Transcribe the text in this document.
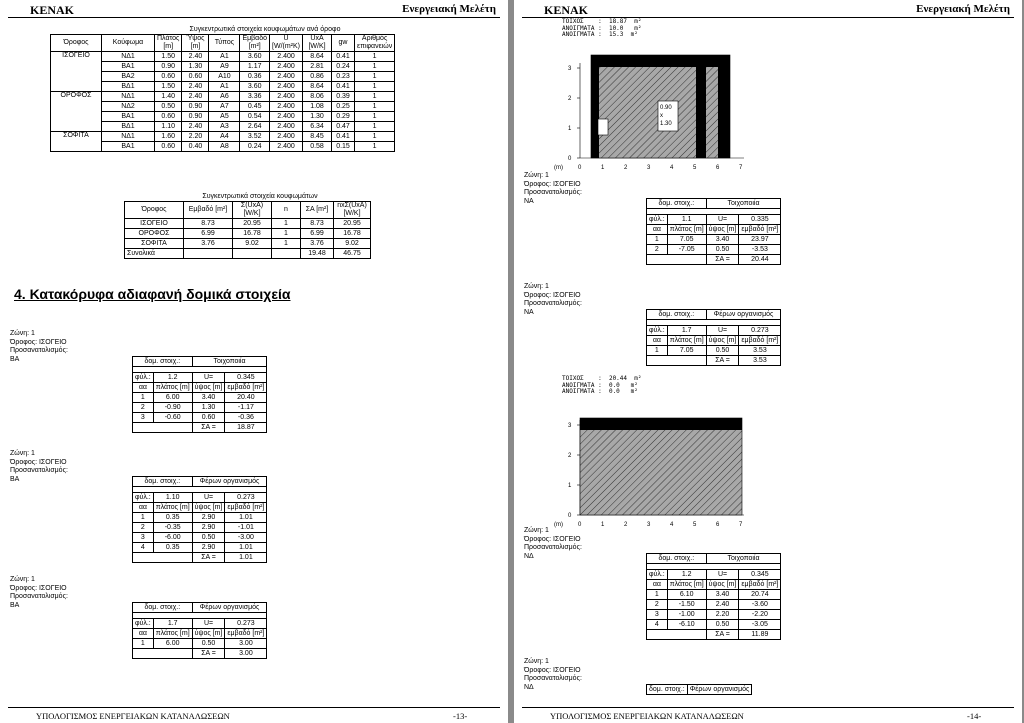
KENAK	Ενεργειακή Μελέτη
Συγκεντρωτικά στοιχεία κουφωμάτων ανά όροφο
Όροφος	Κούφωμα	Πλάτος [m]	Ύψος [m]	Τύπος	Εμβαδό [m²]	U [W/(m²K)	UxA [W/K]	gw	Αριθμός επιφανειών
ΙΣΟΓΕΙΟ	ΝΔ1	1.50	2.40	A1	3.60	2.400	8.64	0.41	1
	ΒΑ1	0.90	1.30	A9	1.17	2.400	2.81	0.24	1
	ΒΑ2	0.60	0.60	A10	0.36	2.400	0.86	0.23	1
	ΒΔ1	1.50	2.40	A1	3.60	2.400	8.64	0.41	1
ΟΡΟΦΟΣ	ΝΔ1	1.40	2.40	A6	3.36	2.400	8.06	0.39	1
	ΝΔ2	0.50	0.90	A7	0.45	2.400	1.08	0.25	1
	ΒΑ1	0.60	0.90	A5	0.54	2.400	1.30	0.29	1
	ΒΔ1	1.10	2.40	A3	2.64	2.400	6.34	0.47	1
ΣΟΦΙΤΑ	ΝΔ1	1.60	2.20	A4	3.52	2.400	8.45	0.41	1
	ΒΑ1	0.60	0.40	A8	0.24	2.400	0.58	0.15	1
Συγκεντρωτικά στοιχεία κουφωμάτων
Όροφος	Εμβαδό [m²]	Σ(UxA) [W/K]	n	ΣA [m²]	nxΣ(UxA) [W/K]
ΙΣΟΓΕΙΟ	8.73	20.95	1	8.73	20.95
ΟΡΟΦΟΣ	6.99	16.78	1	6.99	16.78
ΣΟΦΙΤΑ	3.76	9.02	1	3.76	9.02
Συνολικά				19.48	46.75
4. Κατακόρυφα αδιαφανή δομικά στοιχεία
Ζώνη: 1
Όροφος: ΙΣΟΓΕΙΟ
Προσανατολισμός: ΒΑ	δομ. στοιχ.:		Τοιχοποιία	

φύλ.:	1.2	U=	0.345
αα	πλάτος [m]	ύψος [m]	εμβαδό [m²]
1	6.00	3.40	20.40
2	-0.90	1.30	-1.17
3	-0.60	0.60	-0.36
		ΣΑ =	18.87
Ζώνη: 1
Όροφος: ΙΣΟΓΕΙΟ
Προσανατολισμός: ΒΑ	δομ. στοιχ.:		Φέρων οργανισμός	

φύλ.:	1.10	U=	0.273
αα	πλάτος [m]	ύψος [m]	εμβαδό [m²]
1	0.35	2.90	1.01
2	-0.35	2.90	-1.01
3	-6.00	0.50	-3.00
4	0.35	2.90	1.01
		ΣΑ =	1.01
Ζώνη: 1
Όροφος: ΙΣΟΓΕΙΟ
Προσανατολισμός: ΒΑ	δομ. στοιχ.:		Φέρων οργανισμός	

φύλ.:	1.7	U=	0.273
αα	πλάτος [m]	ύψος [m]	εμβαδό [m²]
1	6.00	0.50	3.00
		ΣΑ =	3.00
ΥΠΟΛΟΓΙΣΜΟΣ ΕΝΕΡΓΕΙΑΚΩΝ ΚΑΤΑΝΑΛΩΣΕΩΝ	-13-
KENAK	Ενεργειακή Μελέτη
ΤΟΙΧΟΣ    :  18.87  m²
ΑΝΟΙΓΜΑΤΑ :  10.0   m²
ΑΝΟΙΓΜΑΤΑ :  15.3  m²
0.90
x
1.30
3
2
1
0
(m)	0	1	2	3	4	5	6	7
Ζώνη: 1
Όροφος: ΙΣΟΓΕΙΟ
Προσανατολισμός: ΝΑ	δομ. στοιχ.:		Τοιχοποιία	

φύλ.:	1.1	U=	0.335
αα	πλάτος [m]	ύψος [m]	εμβαδό [m²]
1	7.05	3.40	23.97
2	-7.05	0.50	-3.53
		ΣΑ =	20.44
Ζώνη: 1
Όροφος: ΙΣΟΓΕΙΟ
Προσανατολισμός: ΝΑ	δομ. στοιχ.:		Φέρων οργανισμός	

φύλ.:	1.7	U=	0.273
αα	πλάτος [m]	ύψος [m]	εμβαδό [m²]
1	7.05	0.50	3.53
		ΣΑ =	3.53
ΤΟΙΧΟΣ    :  20.44  m²
ΑΝΟΙΓΜΑΤΑ :  0.0   m²
ΑΝΟΙΓΜΑΤΑ :  0.0   m²
3
2
1
0
(m)	0	1	2	3	4	5	6	7
Ζώνη: 1
Όροφος: ΙΣΟΓΕΙΟ
Προσανατολισμός: ΝΔ	δομ. στοιχ.:		Τοιχοποιία	

φύλ.:	1.2	U=	0.345
αα	πλάτος [m]	ύψος [m]	εμβαδό [m²]
1	6.10	3.40	20.74
2	-1.50	2.40	-3.60
3	-1.00	2.20	-2.20
4	-6.10	0.50	-3.05
		ΣΑ =	11.89
Ζώνη: 1
Όροφος: ΙΣΟΓΕΙΟ
Προσανατολισμός: ΝΔ	δομ. στοιχ.:	Φέρων οργανισμός
ΥΠΟΛΟΓΙΣΜΟΣ ΕΝΕΡΓΕΙΑΚΩΝ ΚΑΤΑΝΑΛΩΣΕΩΝ	-14-
